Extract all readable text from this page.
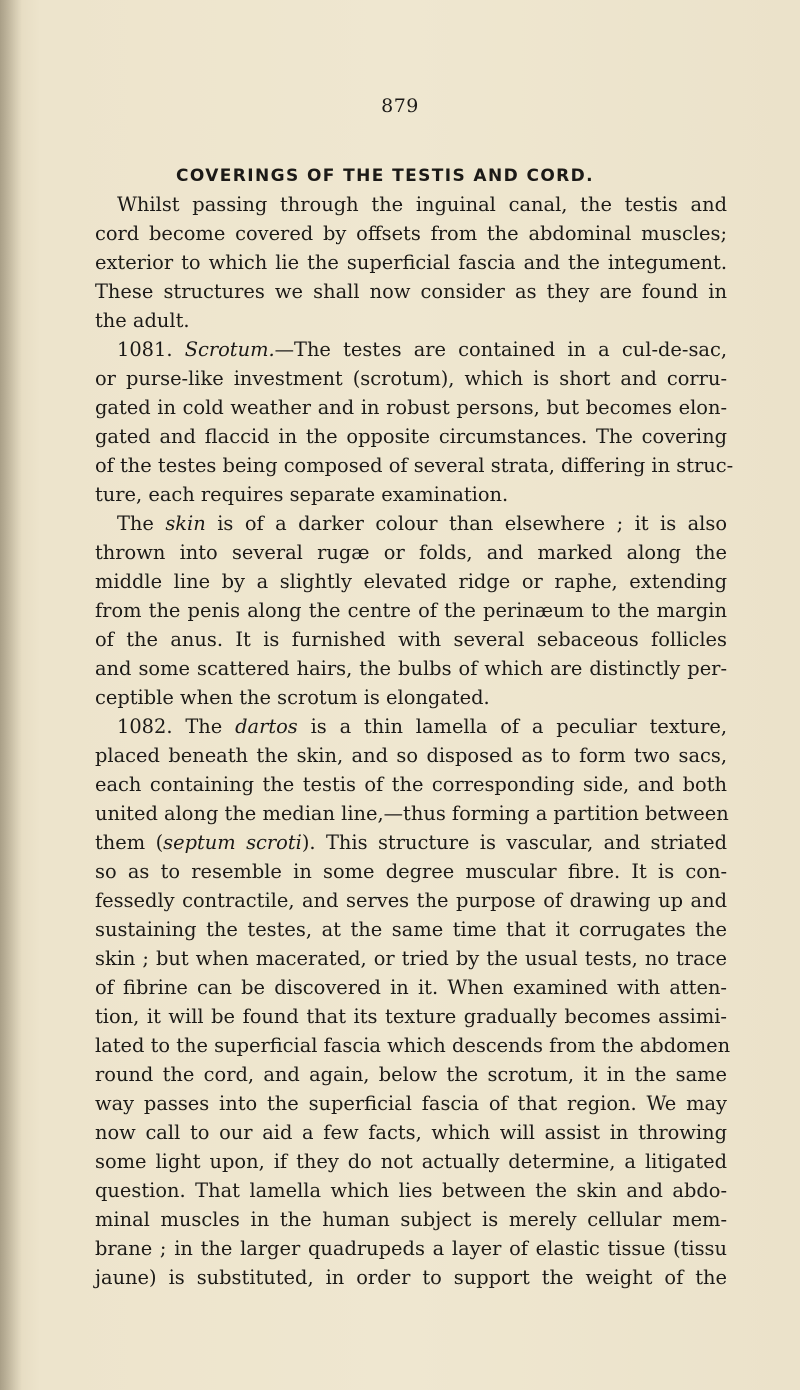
879
COVERINGS OF THE TESTIS AND CORD.
Whilst passing through the inguinal canal, the testis and
cord become covered by offsets from the abdominal muscles;
exterior to which lie the superficial fascia and the integument.
These structures we shall now consider as they are found in
the adult.
1081. Scrotum.—The testes are contained in a cul-de-sac,
or purse-like investment (scrotum), which is short and corru-
gated in cold weather and in robust persons, but becomes elon-
gated and flaccid in the opposite circumstances. The covering
of the testes being composed of several strata, differing in struc-
ture, each requires separate examination.
The skin is of a darker colour than elsewhere ; it is also
thrown into several rugæ or folds, and marked along the
middle line by a slightly elevated ridge or raphe, extending
from the penis along the centre of the perinæum to the margin
of the anus. It is furnished with several sebaceous follicles
and some scattered hairs, the bulbs of which are distinctly per-
ceptible when the scrotum is elongated.
1082. The dartos is a thin lamella of a peculiar texture,
placed beneath the skin, and so disposed as to form two sacs,
each containing the testis of the corresponding side, and both
united along the median line,—thus forming a partition between
them (septum scroti). This structure is vascular, and striated
so as to resemble in some degree muscular fibre. It is con-
fessedly contractile, and serves the purpose of drawing up and
sustaining the testes, at the same time that it corrugates the
skin ; but when macerated, or tried by the usual tests, no trace
of fibrine can be discovered in it. When examined with atten-
tion, it will be found that its texture gradually becomes assimi-
lated to the superficial fascia which descends from the abdomen
round the cord, and again, below the scrotum, it in the same
way passes into the superficial fascia of that region. We may
now call to our aid a few facts, which will assist in throwing
some light upon, if they do not actually determine, a litigated
question. That lamella which lies between the skin and abdo-
minal muscles in the human subject is merely cellular mem-
brane ; in the larger quadrupeds a layer of elastic tissue (tissu
jaune) is substituted, in order to support the weight of the
